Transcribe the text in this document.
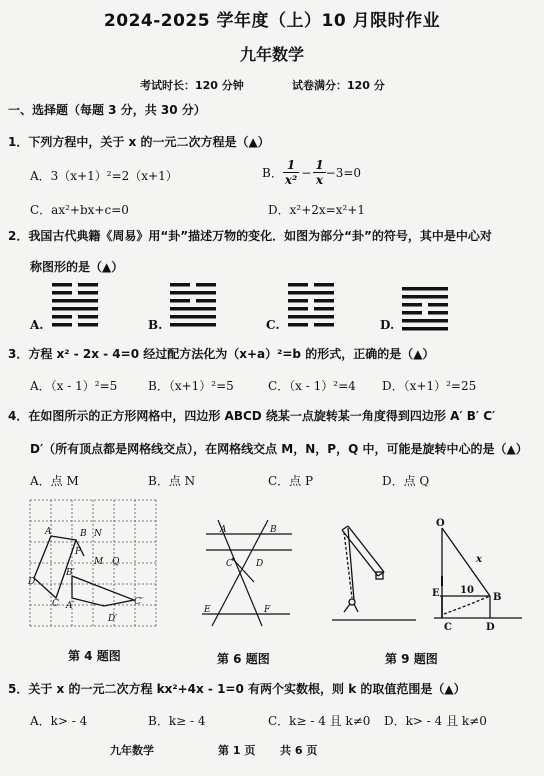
2024-2025 学年度（上）10 月限时作业
九年数学
考试时长：120 分钟	试卷满分：120 分
一、选择题（每题 3 分，共 30 分）
1．下列方程中，关于 x 的一元二次方程是（▲）
A．3（x+1）²=2（x+1）	B． $\frac{1}{\text{x²}} - \frac{1}{x} -3=0$
C．ax²+bx+c=0	D．x²+2x=x²+1
2．我国古代典籍《周易》用“卦”描述万物的变化．如图为部分“卦”的符号，其中是中心对
称图形的是（▲）
A.	B.	C.	D.
3．方程 x² - 2x - 4=0 经过配方法化为（x+a）²=b 的形式，正确的是（▲）
A．（x - 1）²=5	B．（x+1）²=5	C．（x - 1）²=4 D．（x+1）²=25
4．在如图所示的正方形网格中，四边形 ABCD 绕某一点旋转某一角度得到四边形 A′ B′ C′
D′（所有顶点都是网格线交点），在网格线交点 M，N，P，Q 中，可能是旋转中心的是（▲）
A．点 M	B．点 N	C．点 P	D．点 Q
A	B N
P
M Q
B′
D
C A′	C′
D′
第 4 题图
A	B
C	D
E	F
第 6 题图
O
x
E 10
B
C	D
第 9 题图
5．关于 x 的一元二次方程 kx²+4x - 1=0 有两个实数根，则 k 的取值范围是（▲）
A．k> - 4	B．k≥ - 4	C．k≥ - 4 且 k≠0 D．k> - 4 且 k≠0
九年数学	第 1 页 共 6 页
